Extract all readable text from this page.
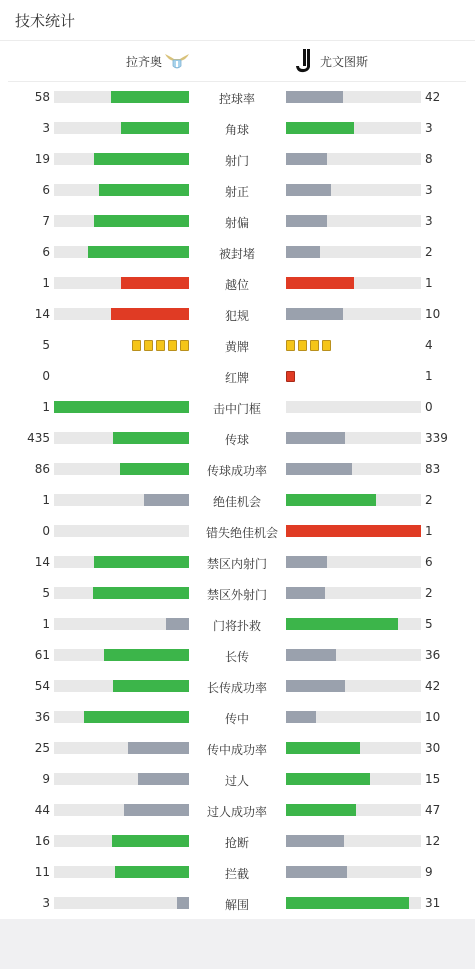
技术统计
拉齐奥	尤文图斯
58	控球率	42
3	角球	3
19	射门	8
6	射正	3
7	射偏	3
6	被封堵	2
1	越位	1
14	犯规	10
5	黄牌	4
0	红牌	1
1	击中门框	0
435	传球	339
86	传球成功率	83
1	绝佳机会	2
0	错失绝佳机会	1
14	禁区内射门	6
5	禁区外射门	2
1	门将扑救	5
61	长传	36
54	长传成功率	42
36	传中	10
25	传中成功率	30
9	过人	15
44	过人成功率	47
16	抢断	12
11	拦截	9
3	解围	31
